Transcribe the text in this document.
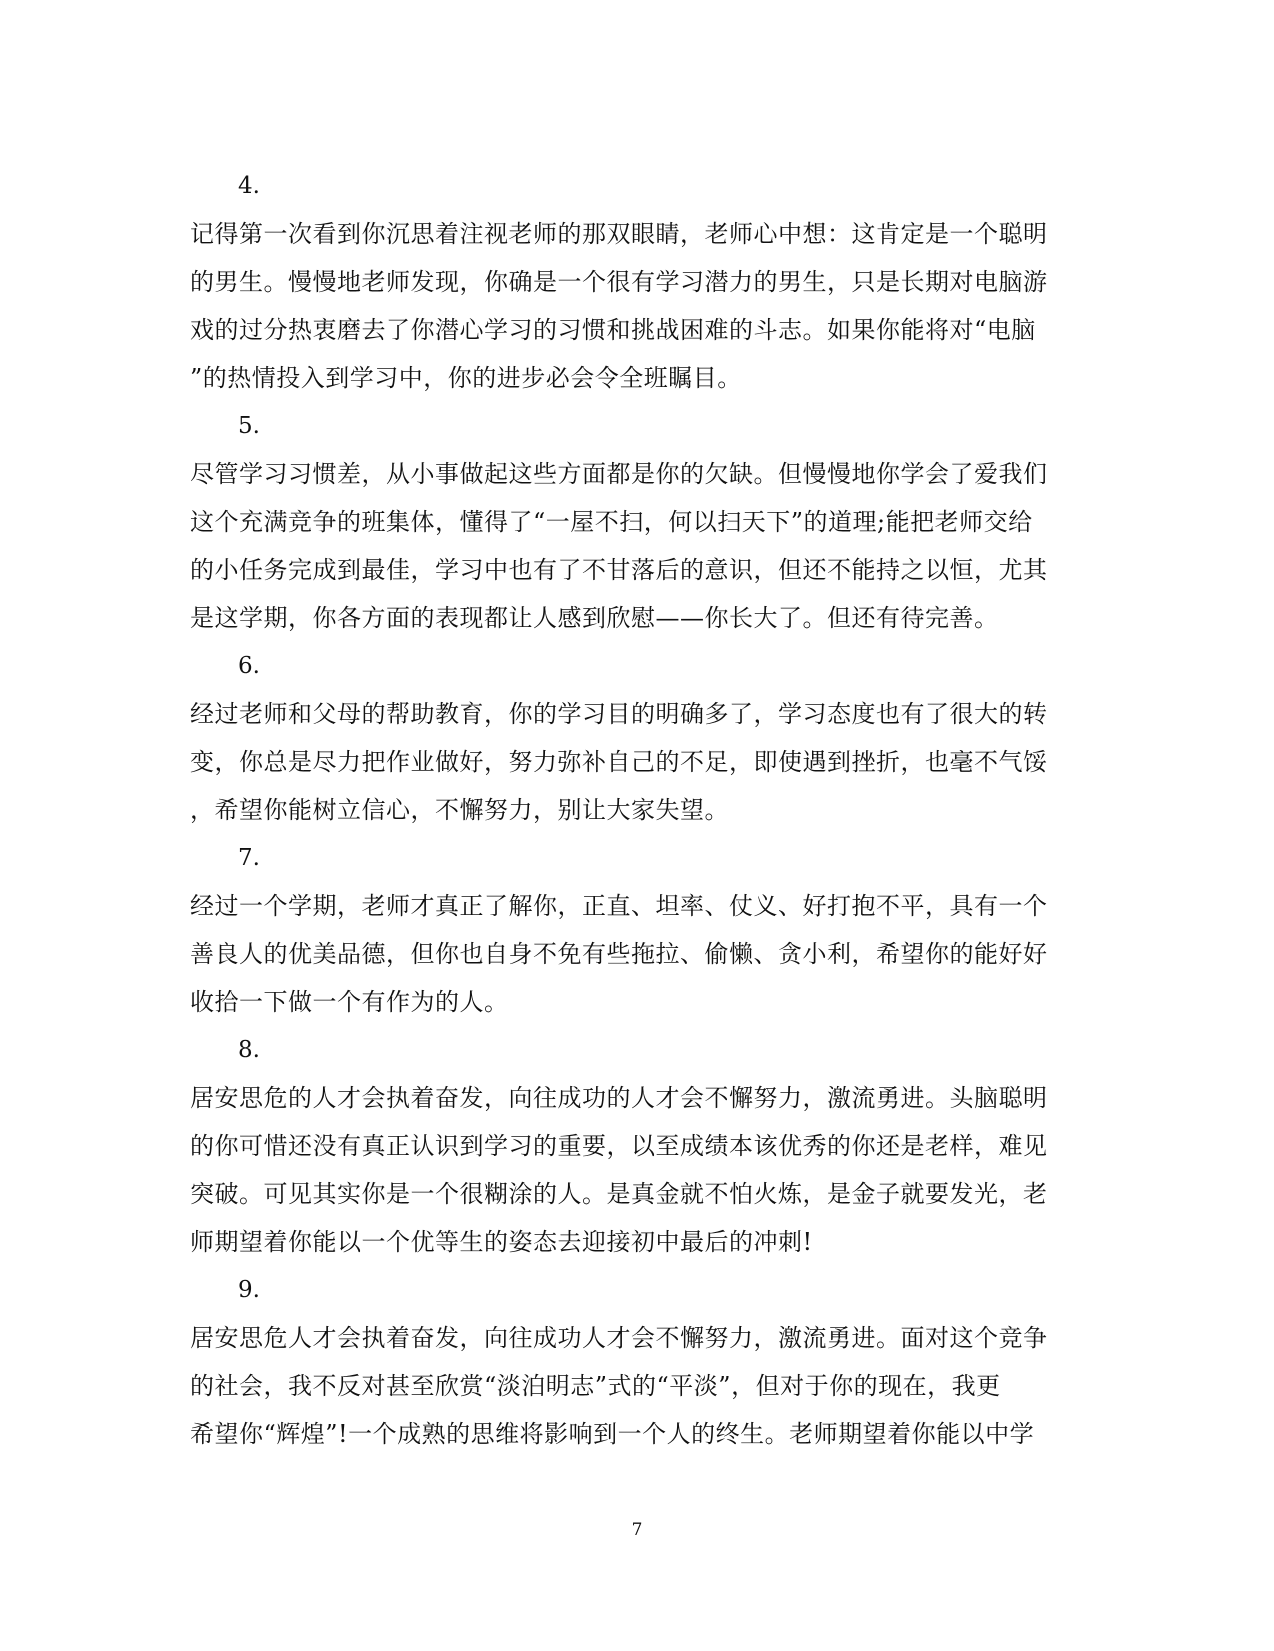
4.

记得第一次看到你沉思着注视老师的那双眼睛，老师心中想：这肯定是一个聪明
的男生。慢慢地老师发现，你确是一个很有学习潜力的男生，只是长期对电脑游
戏的过分热衷磨去了你潜心学习的习惯和挑战困难的斗志。如果你能将对“电脑
”的热情投入到学习中，你的进步必会令全班瞩目。

5.

尽管学习习惯差，从小事做起这些方面都是你的欠缺。但慢慢地你学会了爱我们
这个充满竞争的班集体，懂得了“一屋不扫，何以扫天下”的道理;能把老师交给
的小任务完成到最佳，学习中也有了不甘落后的意识，但还不能持之以恒，尤其
是这学期，你各方面的表现都让人感到欣慰——你长大了。但还有待完善。

6.

经过老师和父母的帮助教育，你的学习目的明确多了，学习态度也有了很大的转
变，你总是尽力把作业做好，努力弥补自己的不足，即使遇到挫折，也毫不气馁
，希望你能树立信心，不懈努力，别让大家失望。

7.

经过一个学期，老师才真正了解你，正直、坦率、仗义、好打抱不平，具有一个
善良人的优美品德，但你也自身不免有些拖拉、偷懒、贪小利，希望你的能好好
收拾一下做一个有作为的人。

8.

居安思危的人才会执着奋发，向往成功的人才会不懈努力，激流勇进。头脑聪明
的你可惜还没有真正认识到学习的重要，以至成绩本该优秀的你还是老样，难见
突破。可见其实你是一个很糊涂的人。是真金就不怕火炼，是金子就要发光，老
师期望着你能以一个优等生的姿态去迎接初中最后的冲刺!

9.

居安思危人才会执着奋发，向往成功人才会不懈努力，激流勇进。面对这个竞争
的社会，我不反对甚至欣赏“淡泊明志”式的“平淡”，但对于你的现在，我更
希望你“辉煌”!一个成熟的思维将影响到一个人的终生。老师期望着你能以中学

7
